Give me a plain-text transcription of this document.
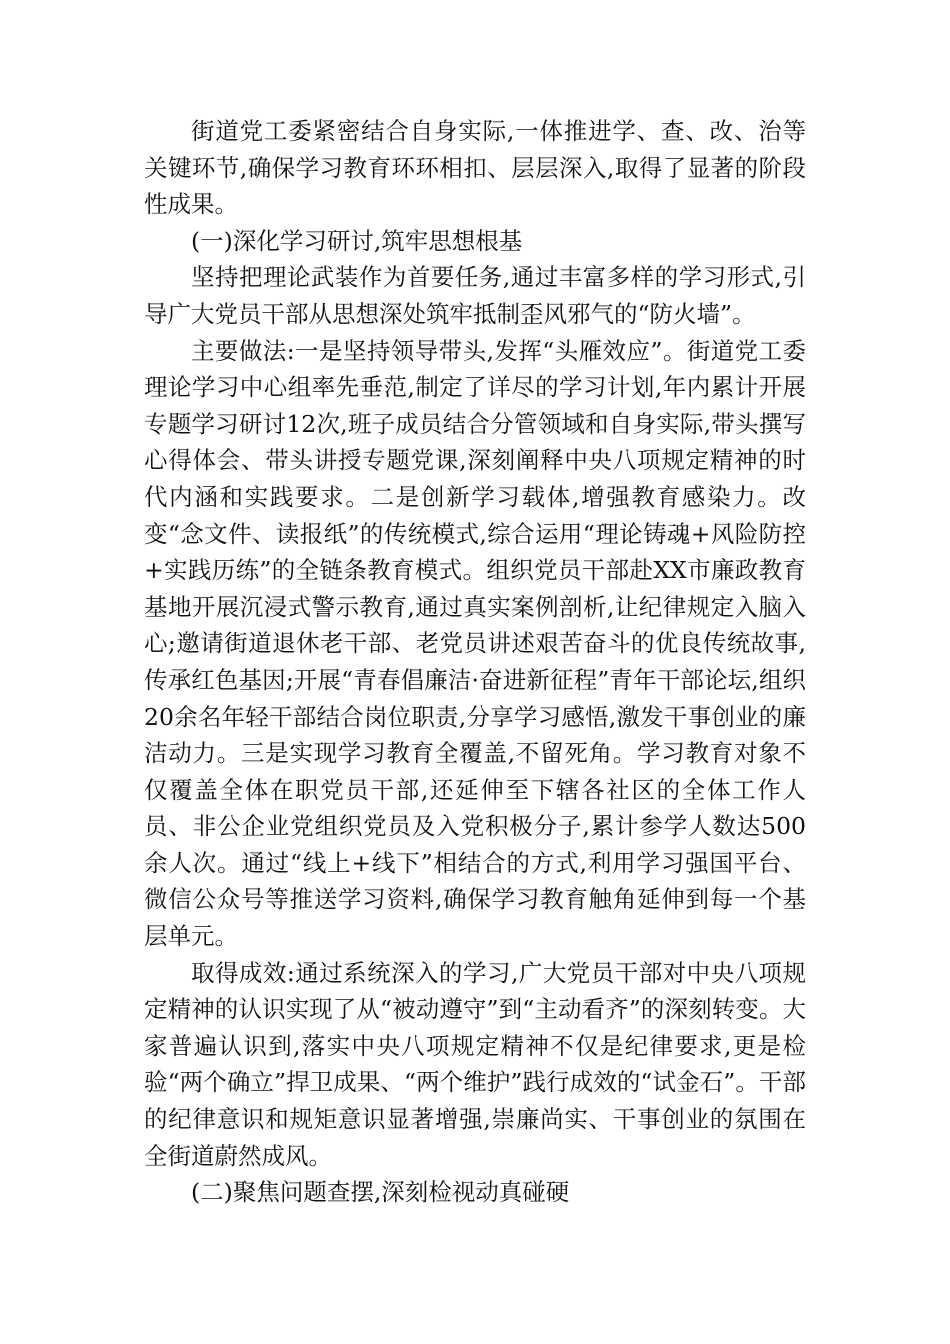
街道党工委紧密结合自身实际,一体推进学、查、改、治等关键环节,确保学习教育环环相扣、层层深入,取得了显著的阶段性成果。

(一)深化学习研讨,筑牢思想根基

坚持把理论武装作为首要任务,通过丰富多样的学习形式,引导广大党员干部从思想深处筑牢抵制歪风邪气的“防火墙”。

主要做法:一是坚持领导带头,发挥“头雁效应”。街道党工委理论学习中心组率先垂范,制定了详尽的学习计划,年内累计开展专题学习研讨12次,班子成员结合分管领域和自身实际,带头撰写心得体会、带头讲授专题党课,深刻阐释中央八项规定精神的时代内涵和实践要求。二是创新学习载体,增强教育感染力。改变“念文件、读报纸”的传统模式,综合运用“理论铸魂+风险防控+实践历练”的全链条教育模式。组织党员干部赴XX市廉政教育基地开展沉浸式警示教育,通过真实案例剖析,让纪律规定入脑入心;邀请街道退休老干部、老党员讲述艰苦奋斗的优良传统故事,传承红色基因;开展“青春倡廉洁·奋进新征程”青年干部论坛,组织20余名年轻干部结合岗位职责,分享学习感悟,激发干事创业的廉洁动力。三是实现学习教育全覆盖,不留死角。学习教育对象不仅覆盖全体在职党员干部,还延伸至下辖各社区的全体工作人员、非公企业党组织党员及入党积极分子,累计参学人数达500余人次。通过“线上+线下”相结合的方式,利用学习强国平台、微信公众号等推送学习资料,确保学习教育触角延伸到每一个基层单元。

取得成效:通过系统深入的学习,广大党员干部对中央八项规定精神的认识实现了从“被动遵守”到“主动看齐”的深刻转变。大家普遍认识到,落实中央八项规定精神不仅是纪律要求,更是检验“两个确立”捍卫成果、“两个维护”践行成效的“试金石”。干部的纪律意识和规矩意识显著增强,崇廉尚实、干事创业的氛围在全街道蔚然成风。

(二)聚焦问题查摆,深刻检视动真碰硬
